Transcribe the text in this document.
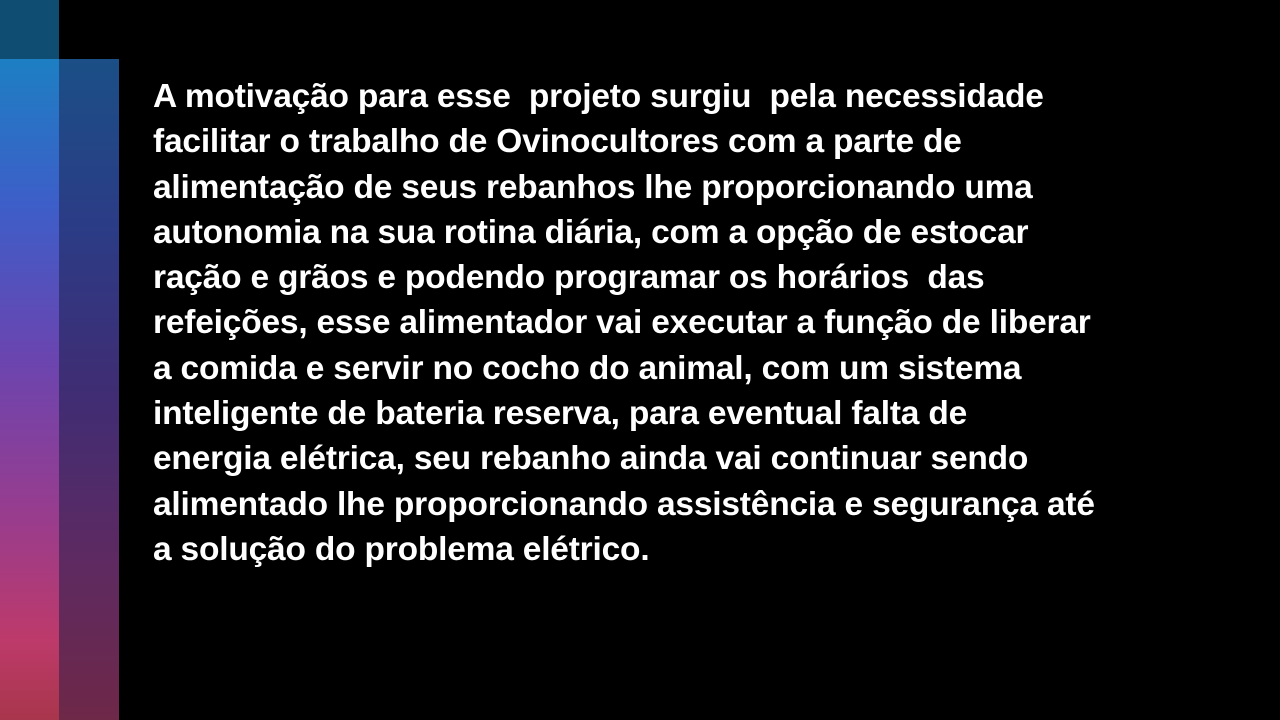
A motivação para esse  projeto surgiu  pela necessidade
facilitar o trabalho de Ovinocultores com a parte de
alimentação de seus rebanhos lhe proporcionando uma
autonomia na sua rotina diária, com a opção de estocar
ração e grãos e podendo programar os horários  das
refeições, esse alimentador vai executar a função de liberar
a comida e servir no cocho do animal, com um sistema
inteligente de bateria reserva, para eventual falta de
energia elétrica, seu rebanho ainda vai continuar sendo
alimentado lhe proporcionando assistência e segurança até
a solução do problema elétrico.
